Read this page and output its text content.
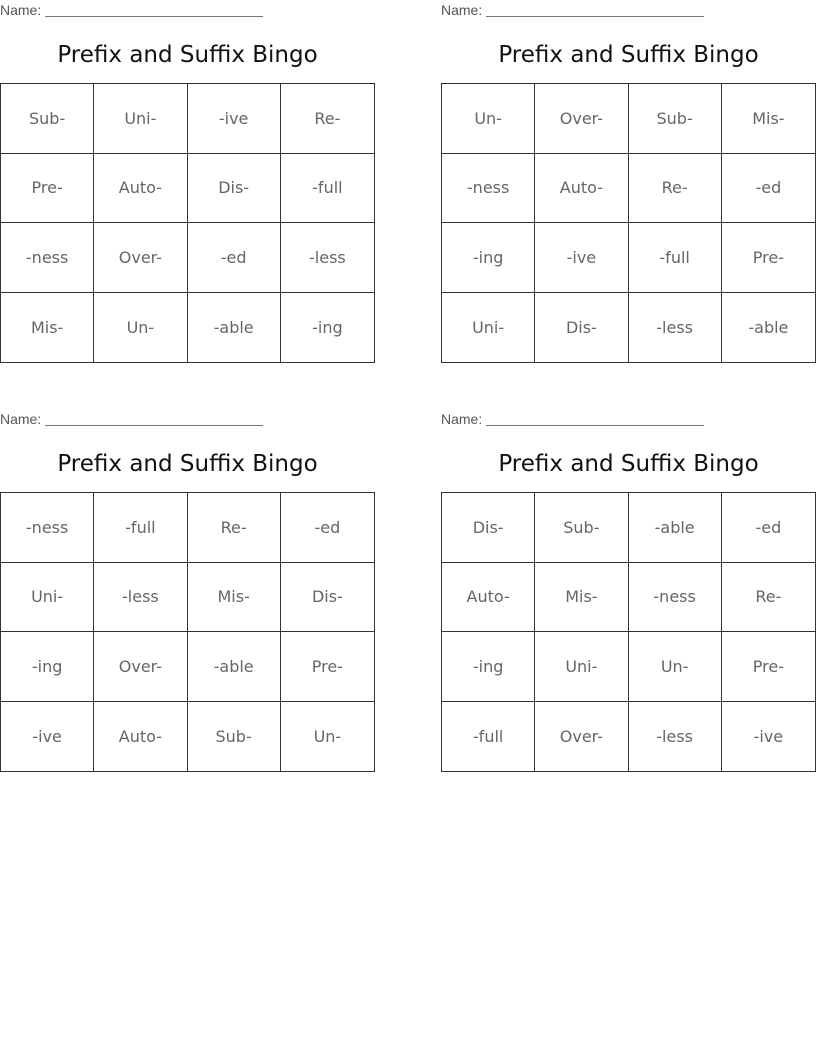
Name:
Prefix and Suffix Bingo
Sub-	Uni-	-ive	Re-
Pre-	Auto-	Dis-	-full
-ness	Over-	-ed	-less
Mis-	Un-	-able	-ing
Name:
Prefix and Suffix Bingo
Un-	Over-	Sub-	Mis-
-ness	Auto-	Re-	-ed
-ing	-ive	-full	Pre-
Uni-	Dis-	-less	-able
Name:
Prefix and Suffix Bingo
-ness	-full	Re-	-ed
Uni-	-less	Mis-	Dis-
-ing	Over-	-able	Pre-
-ive	Auto-	Sub-	Un-
Name:
Prefix and Suffix Bingo
Dis-	Sub-	-able	-ed
Auto-	Mis-	-ness	Re-
-ing	Uni-	Un-	Pre-
-full	Over-	-less	-ive
